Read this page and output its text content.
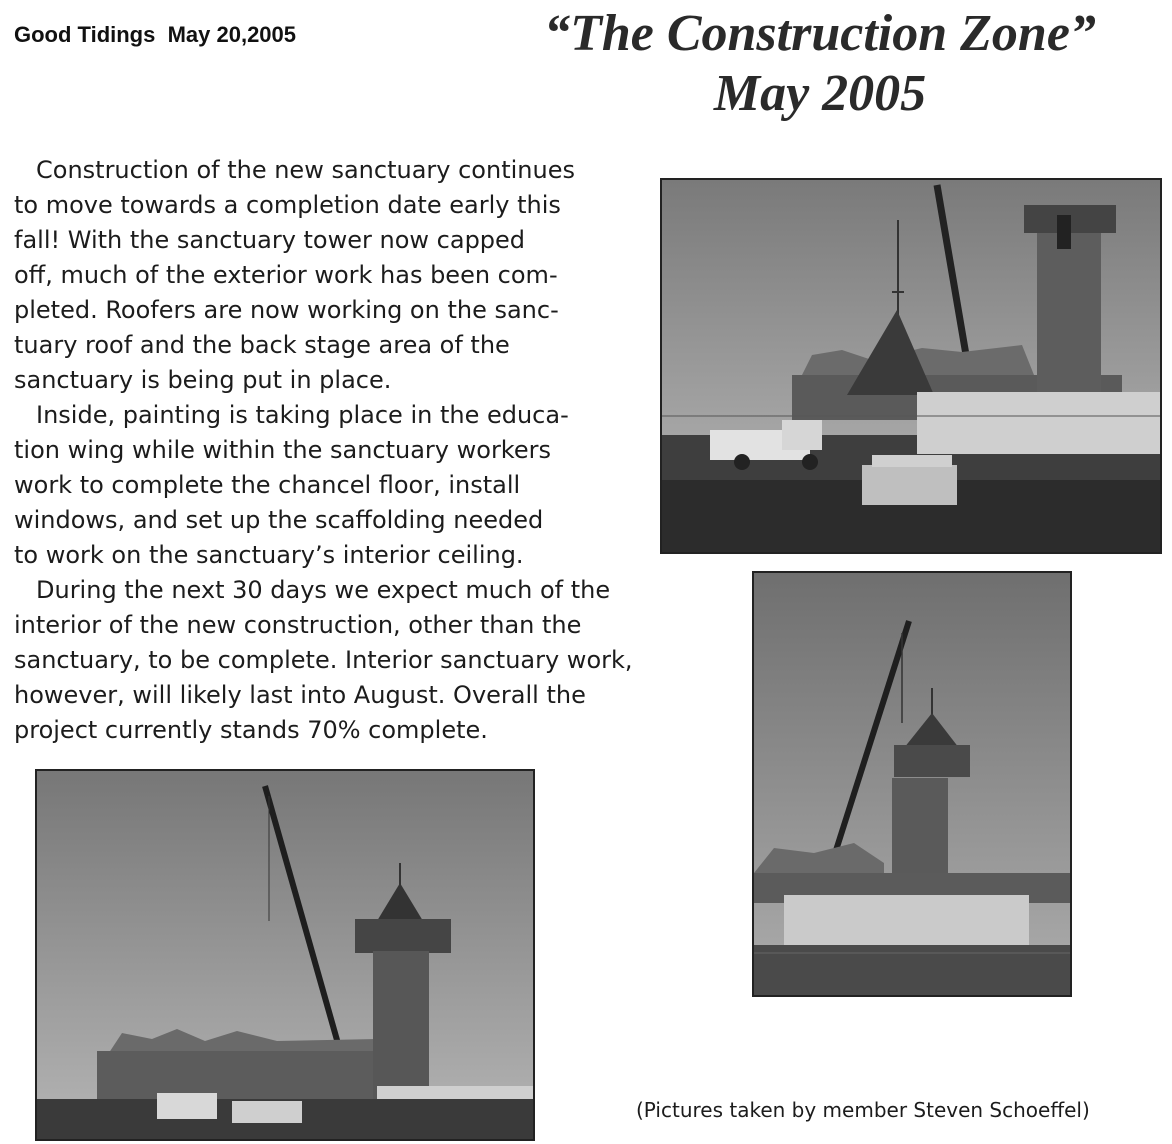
Good Tidings  May 20,2005	“The Construction Zone”
May 2005
Construction of the new sanctuary continues
to move towards a completion date early this
fall! With the sanctuary tower now capped
off, much of the exterior work has been com-
pleted. Roofers are now working on the sanc-
tuary roof and the back stage area of the
sanctuary is being put in place.
Inside, painting is taking place in the educa-
tion wing while within the sanctuary workers
work to complete the chancel floor, install
windows, and set up the scaffolding needed
to work on the sanctuary’s interior ceiling.
During the next 30 days we expect much of the
interior of the new construction, other than the
sanctuary, to be complete. Interior sanctuary work,
however, will likely last into August. Overall the
project currently stands 70% complete.
(Pictures taken by member Steven Schoeffel)
